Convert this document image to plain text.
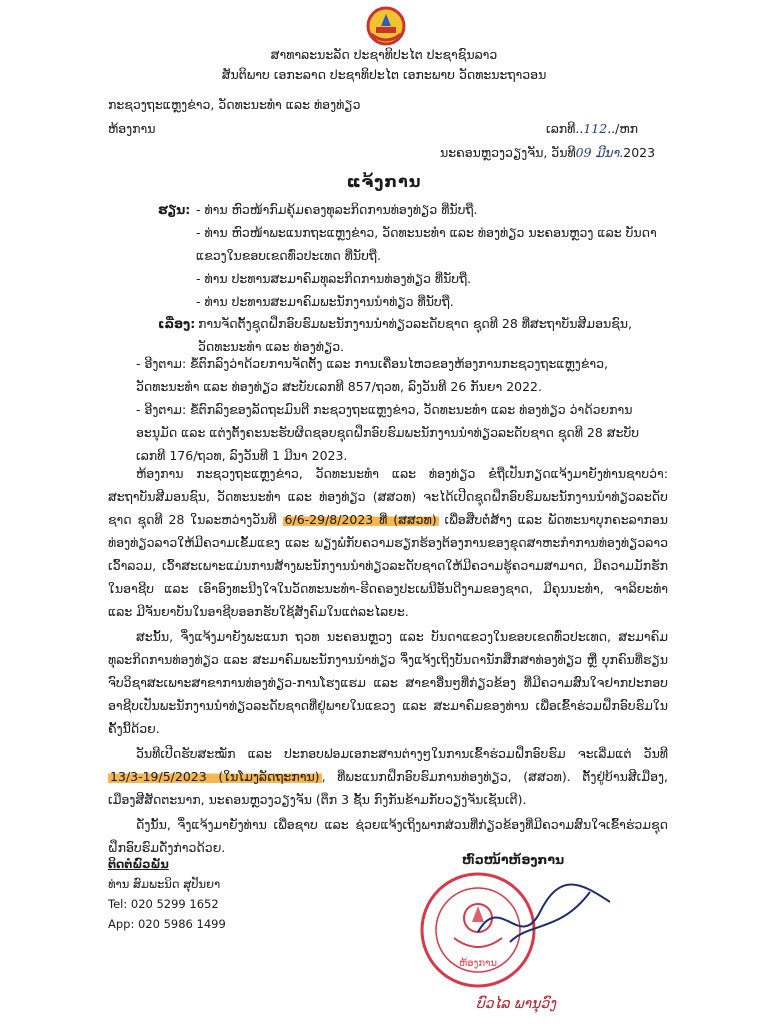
ສາທາລະນະລັດ ປະຊາທິປະໄຕ ປະຊາຊົນລາວ
ສັນຕິພາບ ເອກະລາດ ປະຊາທິປະໄຕ ເອກະພາບ ວັດທະນະຖາວອນ
ກະຊວງຖະແຫຼງຂ່າວ, ວັດທະນະທຳ ແລະ ທ່ອງທ່ຽວ
ຫ້ອງການ	ເລກທີ..112../ຫກ
ນະຄອນຫຼວງວຽງຈັນ, ວັນທີ09 ມີນາ.2023
ແຈ້ງການ
ຮຽນ: - ທ່ານ ຫົວໜ້າກົມຄຸ້ມຄອງທຸລະກິດການທ່ອງທ່ຽວ ທີ່ນັບຖື.

- ທ່ານ ຫົວໜ້າພະແນກຖະແຫຼງຂ່າວ, ວັດທະນະທຳ ແລະ ທ່ອງທ່ຽວ ນະຄອນຫຼວງ ແລະ ບັນດາ ແຂວງໃນຂອບເຂດທົ່ວປະເທດ ທີ່ນັບຖື.

- ທ່ານ ປະທານສະມາຄົມທຸລະກິດການທ່ອງທ່ຽວ ທີ່ນັບຖື.

- ທ່ານ ປະທານສະມາຄົມພະນັກງານນຳທ່ຽວ ທີ່ນັບຖື.

ເລື່ອງ: ການຈັດຕັ້ງຊຸດຝຶກອົບຮົມພະນັກງານນຳທ່ຽວລະດັບຊາດ ຊຸດທີ 28 ທີ່ສະຖາບັນສີມອນຊົນ, ວັດທະນະທຳ ແລະ ທ່ອງທ່ຽວ.

- ອີງຕາມ: ຂໍ້ຕົກລົງວ່າດ້ວຍການຈັດຕັ້ງ ແລະ ການເຄື່ອນໄຫວຂອງຫ້ອງການກະຊວງຖະແຫຼງຂ່າວ, ວັດທະນະທຳ ແລະ ທ່ອງທ່ຽວ ສະບັບເລກທີ 857/ຖວທ, ລົງວັນທີ 26 ກັນຍາ 2022.

- ອີງຕາມ: ຂໍ້ຕົກລົງຂອງລັດຖະມົນຕີ ກະຊວງຖະແຫຼງຂ່າວ, ວັດທະນະທຳ ແລະ ທ່ອງທ່ຽວ ວ່າດ້ວຍການອະນຸມັດ ແລະ ແຕ່ງຕັ້ງຄະນະຮັບຜິດຊອບຊຸດຝຶກອົບຮົມພະນັກງານນຳທ່ຽວລະດັບຊາດ ຊຸດທີ 28 ສະບັບເລກທີ 176/ຖວທ, ລົງວັນທີ 1 ມີນາ 2023.

ຫ້ອງການ ກະຊວງຖະແຫຼງຂ່າວ, ວັດທະນະທຳ ແລະ ທ່ອງທ່ຽວ ຂໍຖືເປັນກຽດແຈ້ງມາຍັງທ່ານຊາບວ່າ: ສະຖາບັນສີມອນຊົນ, ວັດທະນະທຳ ແລະ ທ່ອງທ່ຽວ (ສສວທ) ຈະໄດ້ເປີດຊຸດຝຶກອົບຮົມພະນັກງານນຳທ່ຽວລະດັບຊາດ ຊຸດທີ 28 ໃນລະຫວ່າງວັນທີ 6/6-29/8/2023 ທີ່ (ສສວທ) ເພື່ອສືບຕໍ່ສ້າງ ແລະ ພັດທະນາບຸກຄະລາກອນທ່ອງທ່ຽວລາວໃຫ້ມີຄວາມເຂັ້ມແຂງ ແລະ ພຽງພໍກັບຄວາມຮຽກຮ້ອງຕ້ອງການຂອງຂຸດສາຫະກຳການທ່ອງທ່ຽວລາວເວົ້າລວມ, ເວົ້າສະເພາະແມ່ນການສ້າງພະນັກງານນຳທ່ຽວລະດັບຊາດໃຫ້ມີຄວາມຮູ້ຄວາມສາມາດ, ມີຄວາມມັກຮັກໃນອາຊີບ ແລະ ເອົາອົງທະນີງໃຈໃນວັດທະນະທຳ-ຮີດຄອງປະເພນີອັນດີງາມຂອງຊາດ, ມີຄຸນນະທຳ, ຈາລິຍະທຳ ແລະ ມີຈັນຍາບັນໃນອາຊີບອອກຮັບໃຊ້ສັງຄົມໃນແຕ່ລະໄລຍະ.

ສະນັ້ນ, ຈຶ່ງແຈ້ງມາຍັງພະແນກ ຖວທ ນະຄອນຫຼວງ ແລະ ບັນດາແຂວງໃນຂອບເຂດທົ່ວປະເທດ, ສະມາຄົມທຸລະກິດການທ່ອງທ່ຽວ ແລະ ສະມາຄົມພະນັກງານນຳທ່ຽວ ຈຶ່ງແຈ້ງເຖິງບັນດານັກສຶກສາທ່ອງທ່ຽວ ຫຼື ບຸກຄົນທີ່ຮຽນຈົບວິຊາສະເພາະສາຂາການທ່ອງທ່ຽວ-ການໂຮງແຮມ ແລະ ສາຂາອື່ນໆທີ່ກ່ຽວຂ້ອງ ທີ່ມີຄວາມສົນໃຈຢາກປະກອບອາຊີບເປັນພະນັກງານນຳທ່ຽວລະດັບຊາດທີ່ຢູ່ພາຍໃນແຂວງ ແລະ ສະມາຄົມຂອງທ່ານ ເພື່ອເຂົ້າຮ່ວມຝຶກອົບຮົມໃນຄັ້ງນີ້ດ້ວຍ.

ວັນທີເປີດຮັບສະໝັກ ແລະ ປະກອບຟອມເອກະສານຕ່າງໆໃນການເຂົ້າຮ່ວມຝຶກອົບຮົມ ຈະເລີ່ມແຕ່ ວັນທີ 13/3-19/5/2023 (ໃນໂມງລັດຖະການ) , ທີ່ພະແນກຝຶກອົບຮົມການທ່ອງທ່ຽວ, (ສສວທ). ຕັ້ງຢູ່ບ້ານສີເມືອງ, ເມືອງສີສັດຕະນາກ, ນະຄອນຫຼວງວຽງຈັນ (ຕຶກ 3 ຊັ້ນ ກົງກັນຂ້າມກັບວຽງຈັນເຊັນເຕີ).

ດັ່ງນັ້ນ, ຈຶ່ງແຈ້ງມາຍັງທ່ານ ເພື່ອຊາບ ແລະ ຊ່ວຍແຈ້ງເຖິງພາກສ່ວນທີ່ກ່ຽວຂ້ອງທີ່ມີຄວາມສົນໃຈເຂົ້າຮ່ວມຊຸດຝຶກອົບຮົມດັ່ງກ່າວດ້ວຍ.

ຕິດຕໍ່ພົວພັນ
ທ່ານ ສົມພະນິດ ສຸປັນຍາ
Tel: 020 5299 1652
App: 020 5986 1499
ຫົວໜ້າຫ້ອງການ
ຫ້ອງການ
ບົວໄລ ພານຸວົງ
